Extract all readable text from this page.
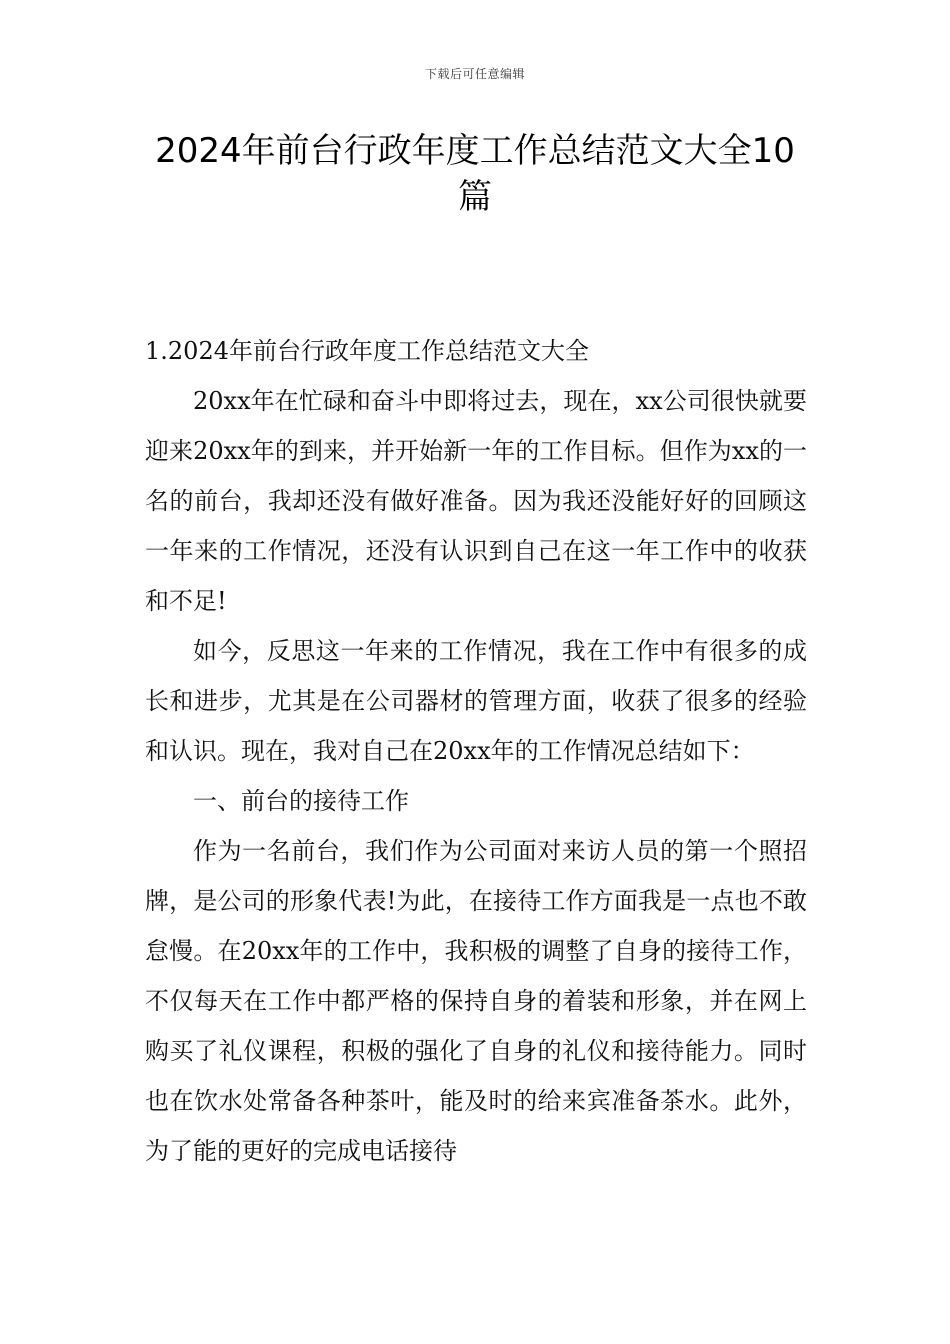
下载后可任意编辑
2024年前台行政年度工作总结范文大全10篇

1.2024年前台行政年度工作总结范文大全

20xx年在忙碌和奋斗中即将过去，现在，xx公司很快就要迎来20xx年的到来，并开始新一年的工作目标。但作为xx的一名的前台，我却还没有做好准备。因为我还没能好好的回顾这一年来的工作情况，还没有认识到自己在这一年工作中的收获和不足!

如今，反思这一年来的工作情况，我在工作中有很多的成长和进步，尤其是在公司器材的管理方面，收获了很多的经验和认识。现在，我对自己在20xx年的工作情况总结如下：

一、前台的接待工作

作为一名前台，我们作为公司面对来访人员的第一个照招牌，是公司的形象代表!为此，在接待工作方面我是一点也不敢怠慢。在20xx年的工作中，我积极的调整了自身的接待工作，不仅每天在工作中都严格的保持自身的着装和形象，并在网上购买了礼仪课程，积极的强化了自身的礼仪和接待能力。同时也在饮水处常备各种茶叶，能及时的给来宾准备茶水。此外，为了能的更好的完成电话接待
